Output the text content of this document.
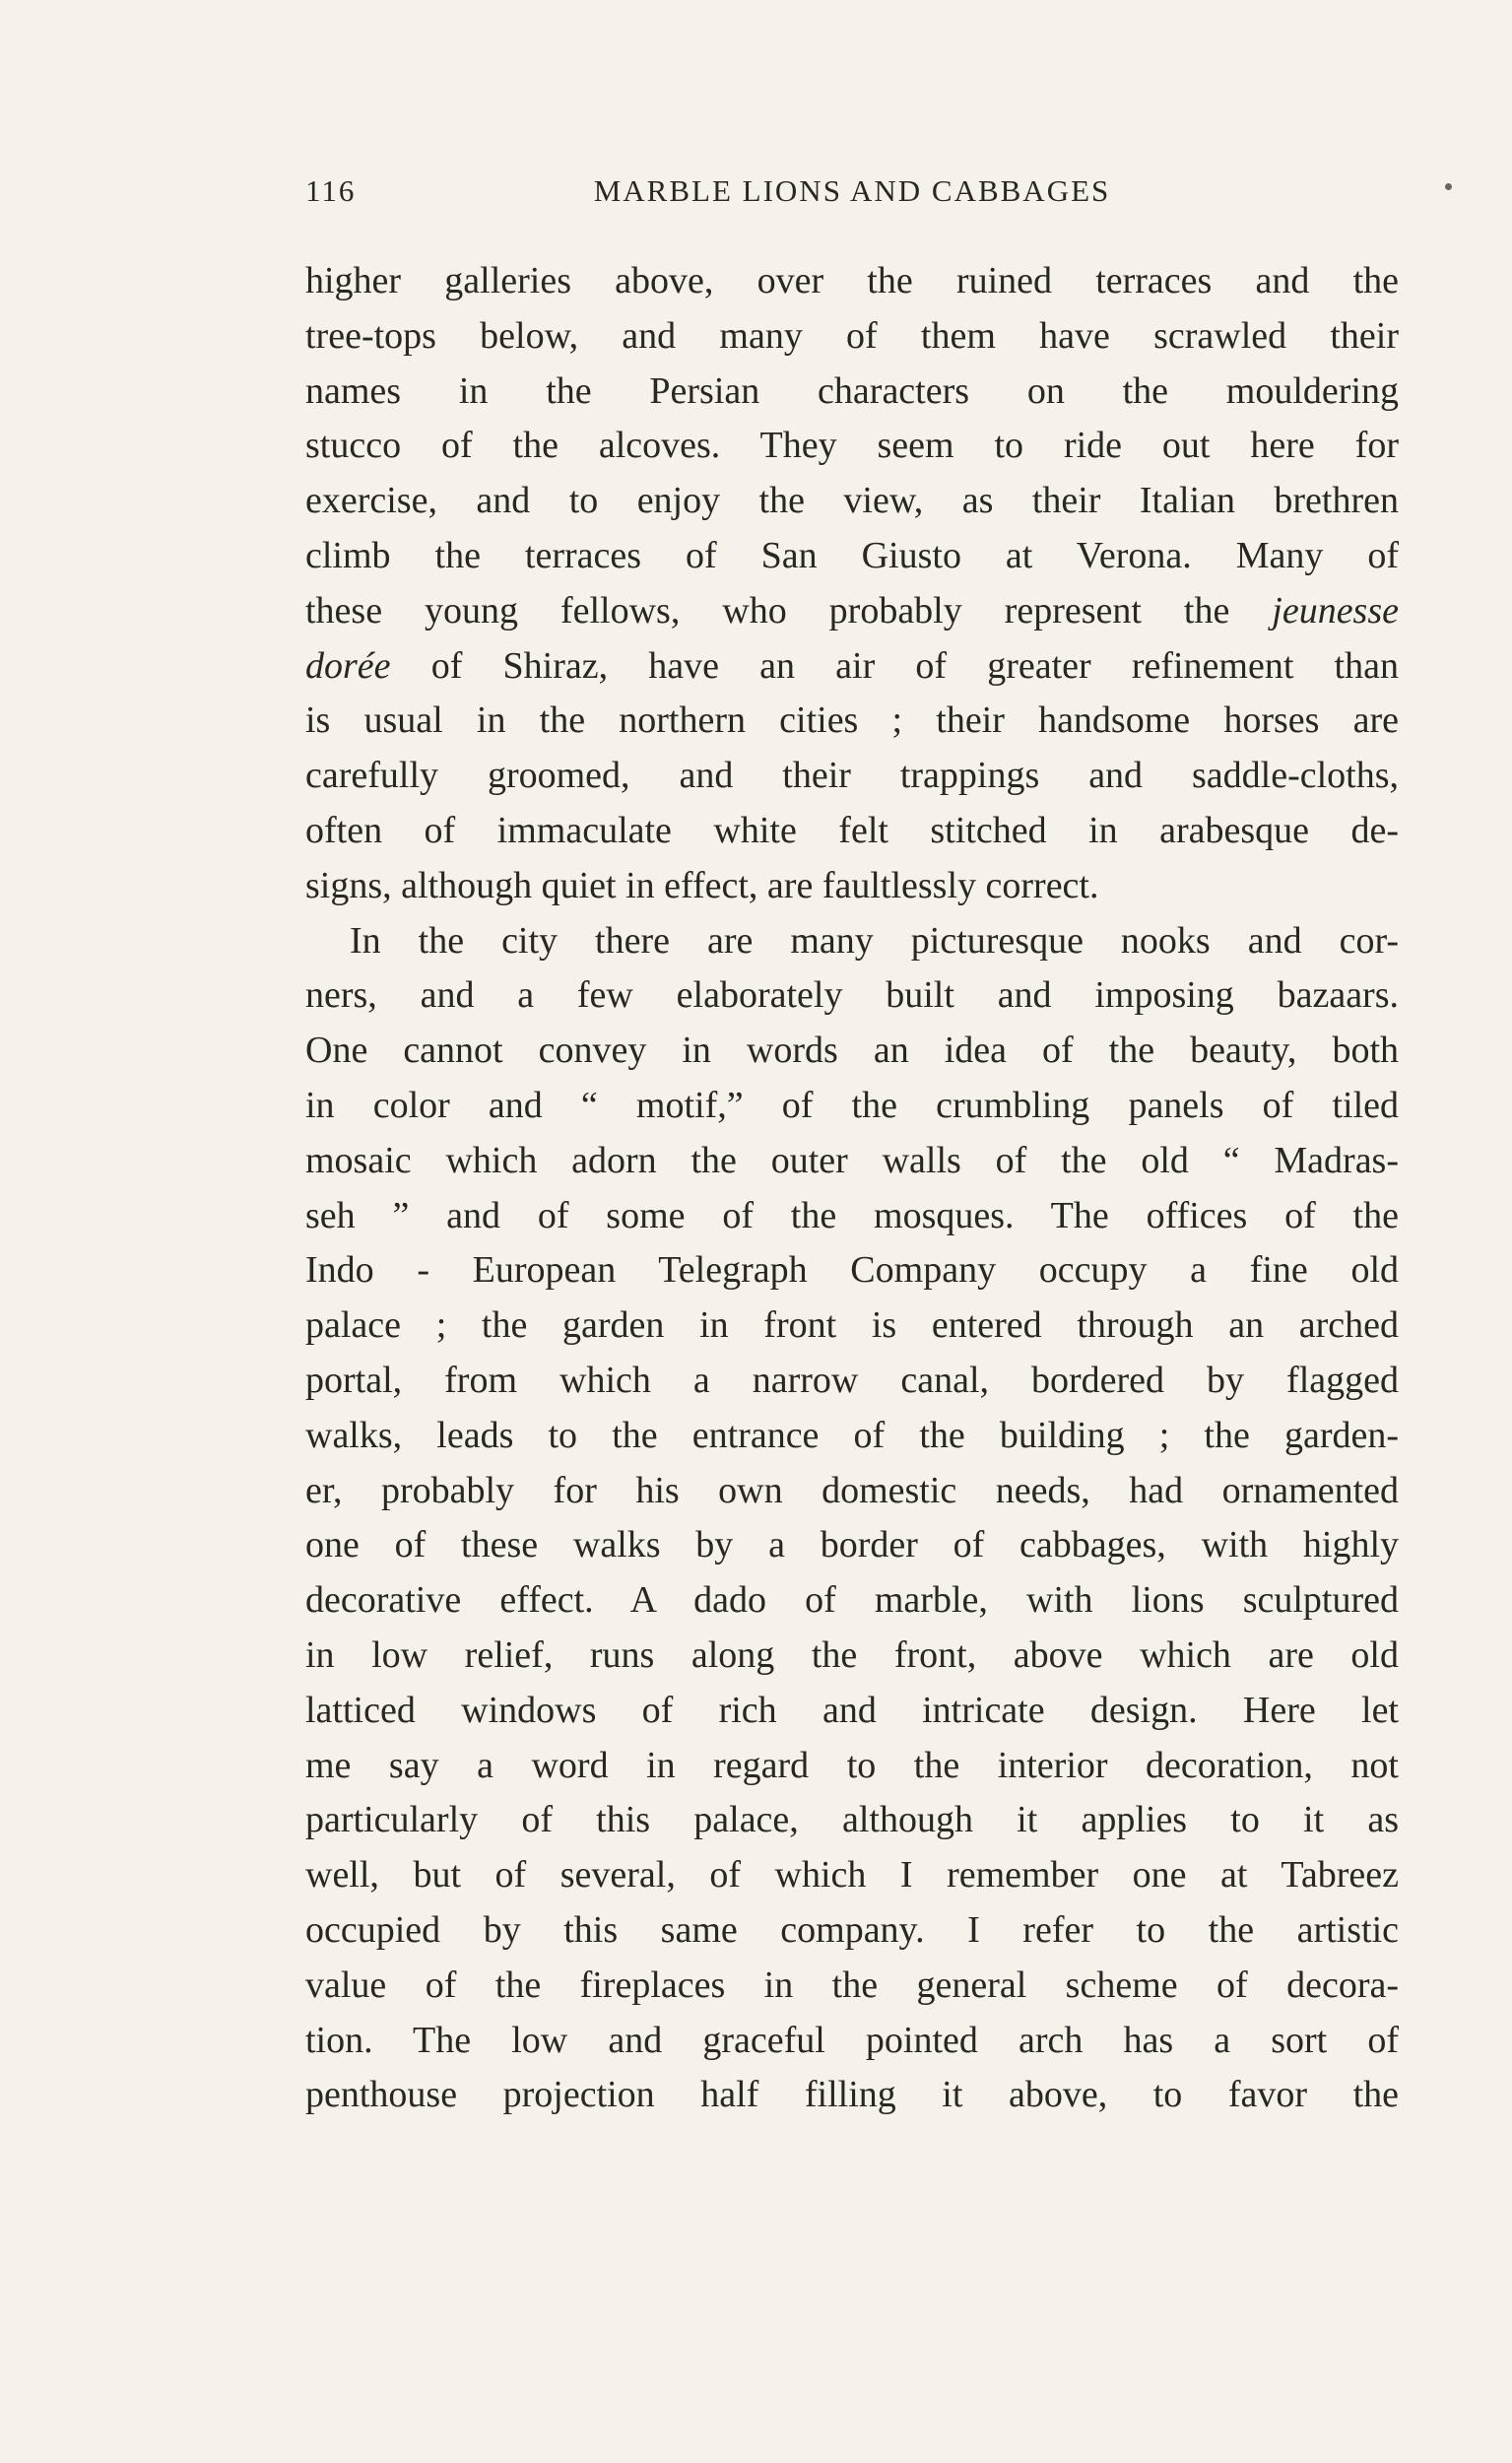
116	MARBLE LIONS AND CABBAGES
higher galleries above, over the ruined terraces and the
tree-tops below, and many of them have scrawled their
names in the Persian characters on the mouldering
stucco of the alcoves. They seem to ride out here for
exercise, and to enjoy the view, as their Italian brethren
climb the terraces of San Giusto at Verona. Many of
these young fellows, who probably represent the jeunesse
dorée of Shiraz, have an air of greater refinement than
is usual in the northern cities ; their handsome horses are
carefully groomed, and their trappings and saddle-cloths,
often of immaculate white felt stitched in arabesque de-
signs, although quiet in effect, are faultlessly correct.
In the city there are many picturesque nooks and cor-
ners, and a few elaborately built and imposing bazaars.
One cannot convey in words an idea of the beauty, both
in color and “ motif,” of the crumbling panels of tiled
mosaic which adorn the outer walls of the old “ Madras-
seh ” and of some of the mosques. The offices of the
Indo - European Telegraph Company occupy a fine old
palace ; the garden in front is entered through an arched
portal, from which a narrow canal, bordered by flagged
walks, leads to the entrance of the building ; the garden-
er, probably for his own domestic needs, had ornamented
one of these walks by a border of cabbages, with highly
decorative effect. A dado of marble, with lions sculptured
in low relief, runs along the front, above which are old
latticed windows of rich and intricate design. Here let
me say a word in regard to the interior decoration, not
particularly of this palace, although it applies to it as
well, but of several, of which I remember one at Tabreez
occupied by this same company. I refer to the artistic
value of the fireplaces in the general scheme of decora-
tion. The low and graceful pointed arch has a sort of
penthouse projection half filling it above, to favor the
